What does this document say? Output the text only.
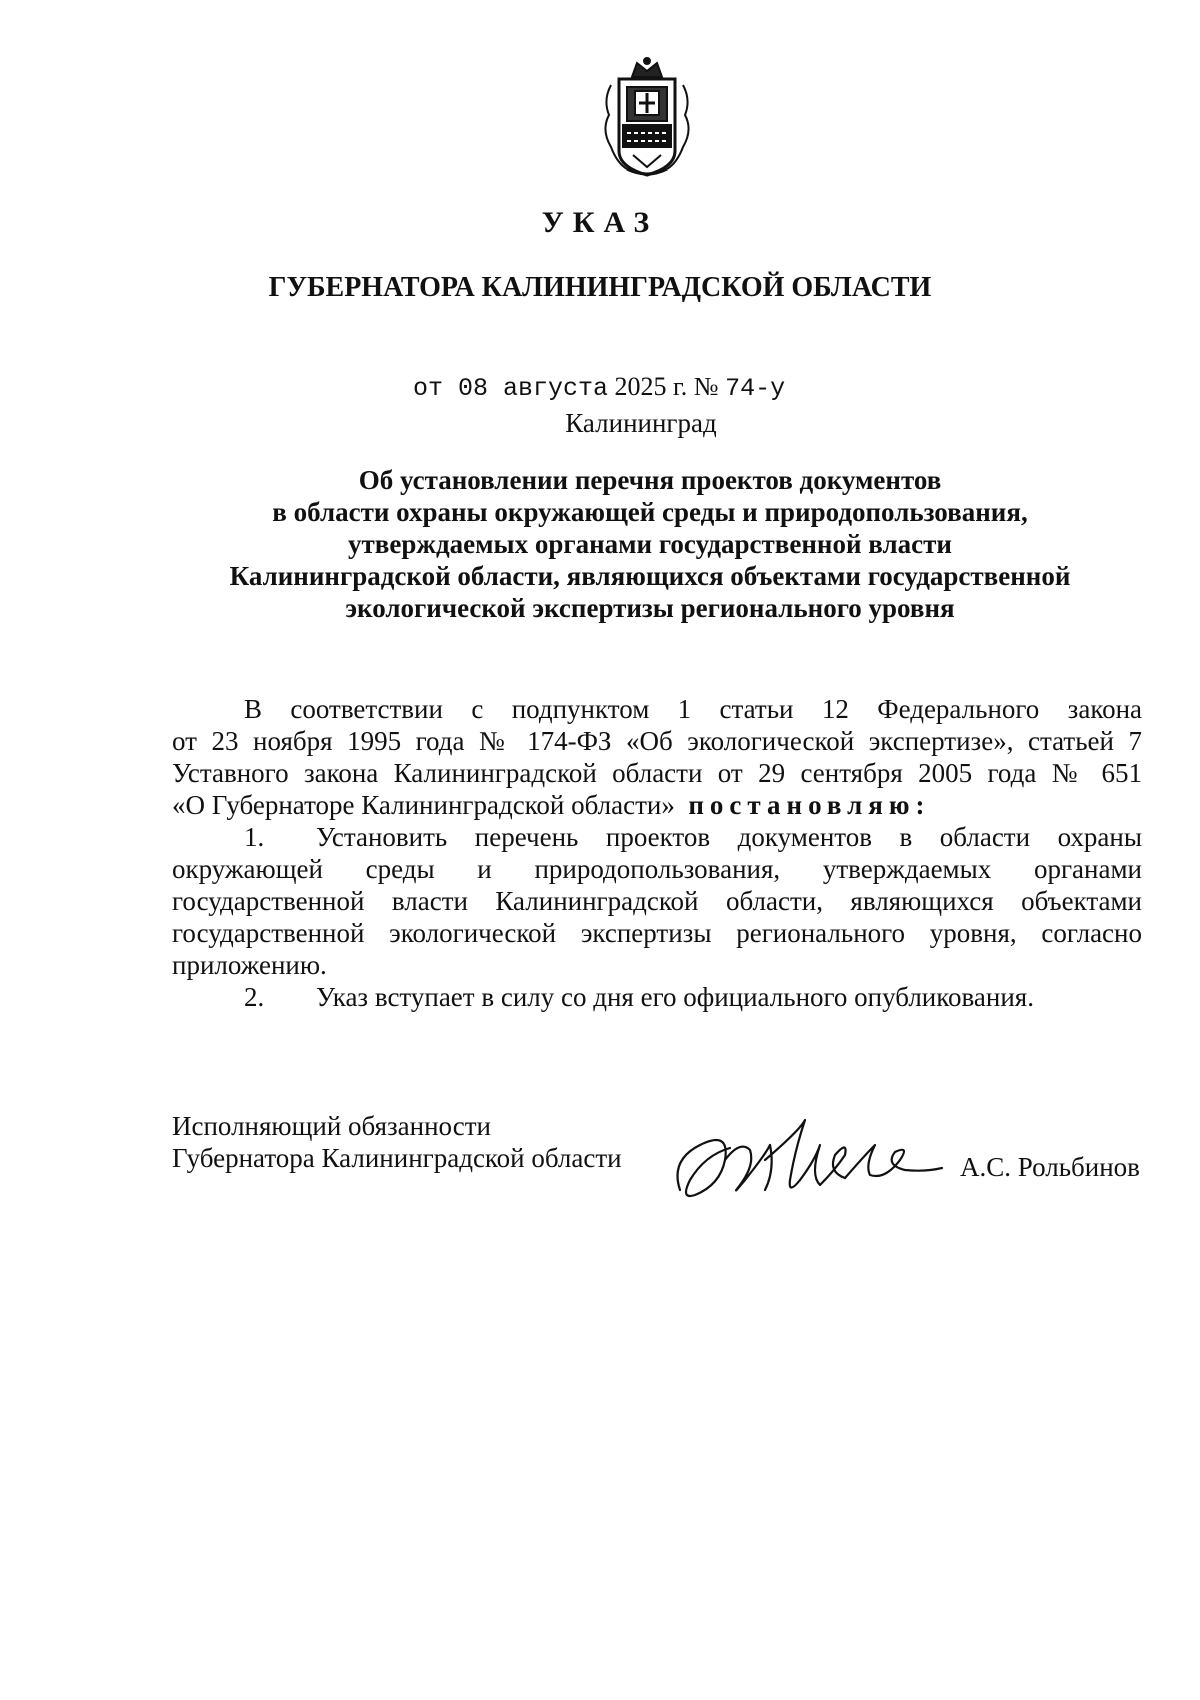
УКАЗ
ГУБЕРНАТОРА КАЛИНИНГРАДСКОЙ ОБЛАСТИ
от 08 августа 2025 г. № 74-у
Калининград
Об установлении перечня проектов документов
в области охраны окружающей среды и природопользования,
утверждаемых органами государственной власти
Калининградской области, являющихся объектами государственной
экологической экспертизы регионального уровня
В соответствии с подпунктом 1 статьи 12 Федерального закона
от 23 ноября 1995 года № 174-ФЗ «Об экологической экспертизе», статьей 7
Уставного закона Калининградской области от 29 сентября 2005 года № 651
«О Губернаторе Калининградской области» постановляю:
1. Установить перечень проектов документов в области охраны
окружающей среды и природопользования, утверждаемых органами
государственной власти Калининградской области, являющихся объектами
государственной экологической экспертизы регионального уровня, согласно
приложению.
2. Указ вступает в силу со дня его официального опубликования.
Исполняющий обязанности
Губернатора Калининградской области	А.С. Рольбинов
